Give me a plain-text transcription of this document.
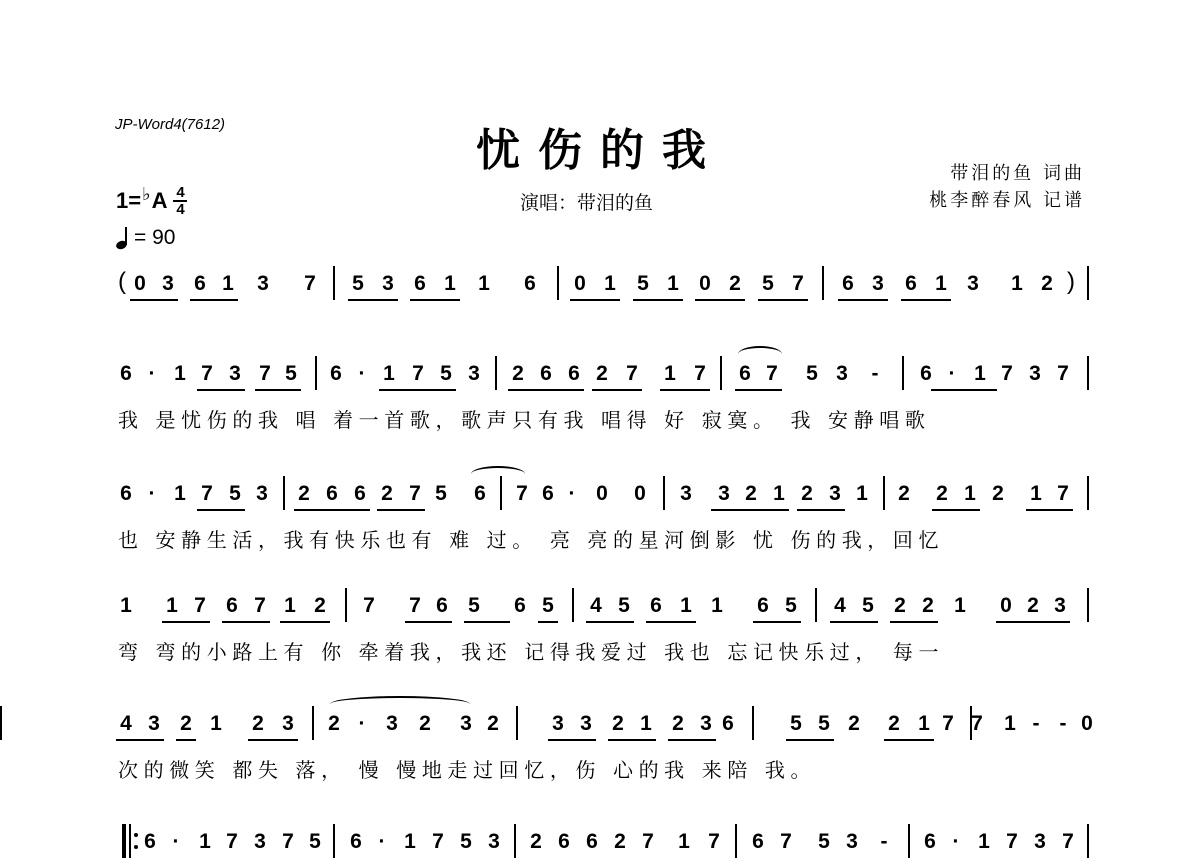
JP-Word4(7612)
忧伤的我
演唱：带泪的鱼
带泪的鱼 词曲
桃李醉春风 记谱
1= ♭ A $\frac{4}{4}$
= 90
( 0 3 6 1 3 7 5 3 6 1 1 6 0 1 5 1 0 2 5 7 6 3 6 1 3 1 2 )
6 · 1 7 3 7 5 6 · 1 7 5 3 2 6 6 2 7 1 7 6 7 5 3 - 6 · 1 7 3 7
我 是忧伤的我 唱 着一首歌，歌声只有我 唱得 好 寂寞。 我 安静唱歌
6 · 1 7 5 3 2 6 6 2 7 5 6 7 6 · 0 0 3 3 2 1 2 3 1 2 2 1 2 1 7
也 安静生活，我有快乐也有 难 过。 亮 亮的星河倒影 忧 伤的我，回忆
1 1 7 6 7 1 2 7 7 6 5 6 5 4 5 6 1 1 6 5 4 5 2 2 1 0 2 3
弯 弯的小路上有 你 牵着我，我还 记得我爱过 我也 忘记快乐过， 每一
4 3 2 1 2 3 2 · 3 2 3 2	3 3 2 1 2 3 6	5 5 2 2 1 7 7 1 - - 0
次的微笑 都失 落， 慢 慢地走过回忆，伤 心的我 来陪 我。
6 · 1 7 3 7 5 6 · 1 7 5 3 2 6 6 2 7 1 7 6 7 5 3 - 6 · 1 7 3 7
